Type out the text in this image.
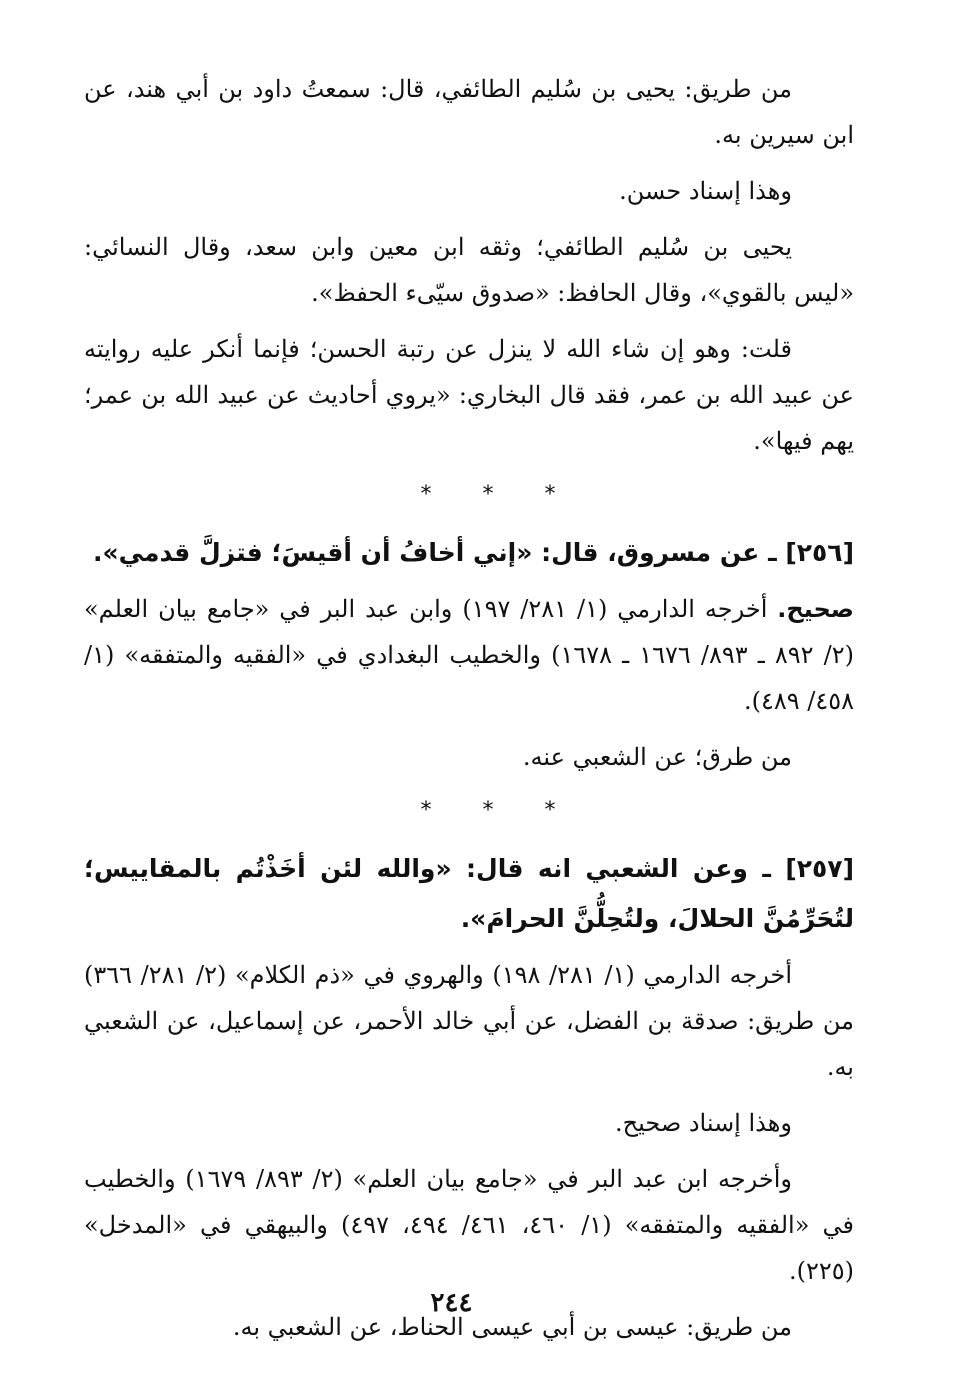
من طريق: يحيى بن سُليم الطائفي، قال: سمعتُ داود بن أبي هند، عن ابن سيرين به.

وهذا إسناد حسن.

يحيى بن سُليم الطائفي؛ وثقه ابن معين وابن سعد، وقال النسائي: «ليس بالقوي»، وقال الحافظ: «صدوق سيّىء الحفظ».

قلت: وهو إن شاء الله لا ينزل عن رتبة الحسن؛ فإنما أنكر عليه روايته عن عبيد الله بن عمر، فقد قال البخاري: «يروي أحاديث عن عبيد الله بن عمر؛ يهم فيها».

* * *

[٢٥٦] ـ عن مسروق، قال: «إني أخافُ أن أقيسَ؛ فتزلَّ قدمي».

صحيح. أخرجه الدارمي (١/ ٢٨١/ ١٩٧) وابن عبد البر في «جامع بيان العلم» (٢/ ٨٩٢ ـ ٨٩٣/ ١٦٧٦ ـ ١٦٧٨) والخطيب البغدادي في «الفقيه والمتفقه» (١/ ٤٥٨/ ٤٨٩).

من طرق؛ عن الشعبي عنه.

* * *

[٢٥٧] ـ وعن الشعبي انه قال: «والله لئن أخَذْتُم بالمقاييس؛ لتُحَرِّمُنَّ الحلالَ، ولتُحِلُّنَّ الحرامَ».

أخرجه الدارمي (١/ ٢٨١/ ١٩٨) والهروي في «ذم الكلام» (٢/ ٢٨١/ ٣٦٦) من طريق: صدقة بن الفضل، عن أبي خالد الأحمر، عن إسماعيل، عن الشعبي به.

وهذا إسناد صحيح.

وأخرجه ابن عبد البر في «جامع بيان العلم» (٢/ ٨٩٣/ ١٦٧٩) والخطيب في «الفقيه والمتفقه» (١/ ٤٦٠، ٤٦١/ ٤٩٤، ٤٩٧) والبيهقي في «المدخل» (٢٢٥).

من طريق: عيسى بن أبي عيسى الحناط، عن الشعبي به.

٢٤٤
